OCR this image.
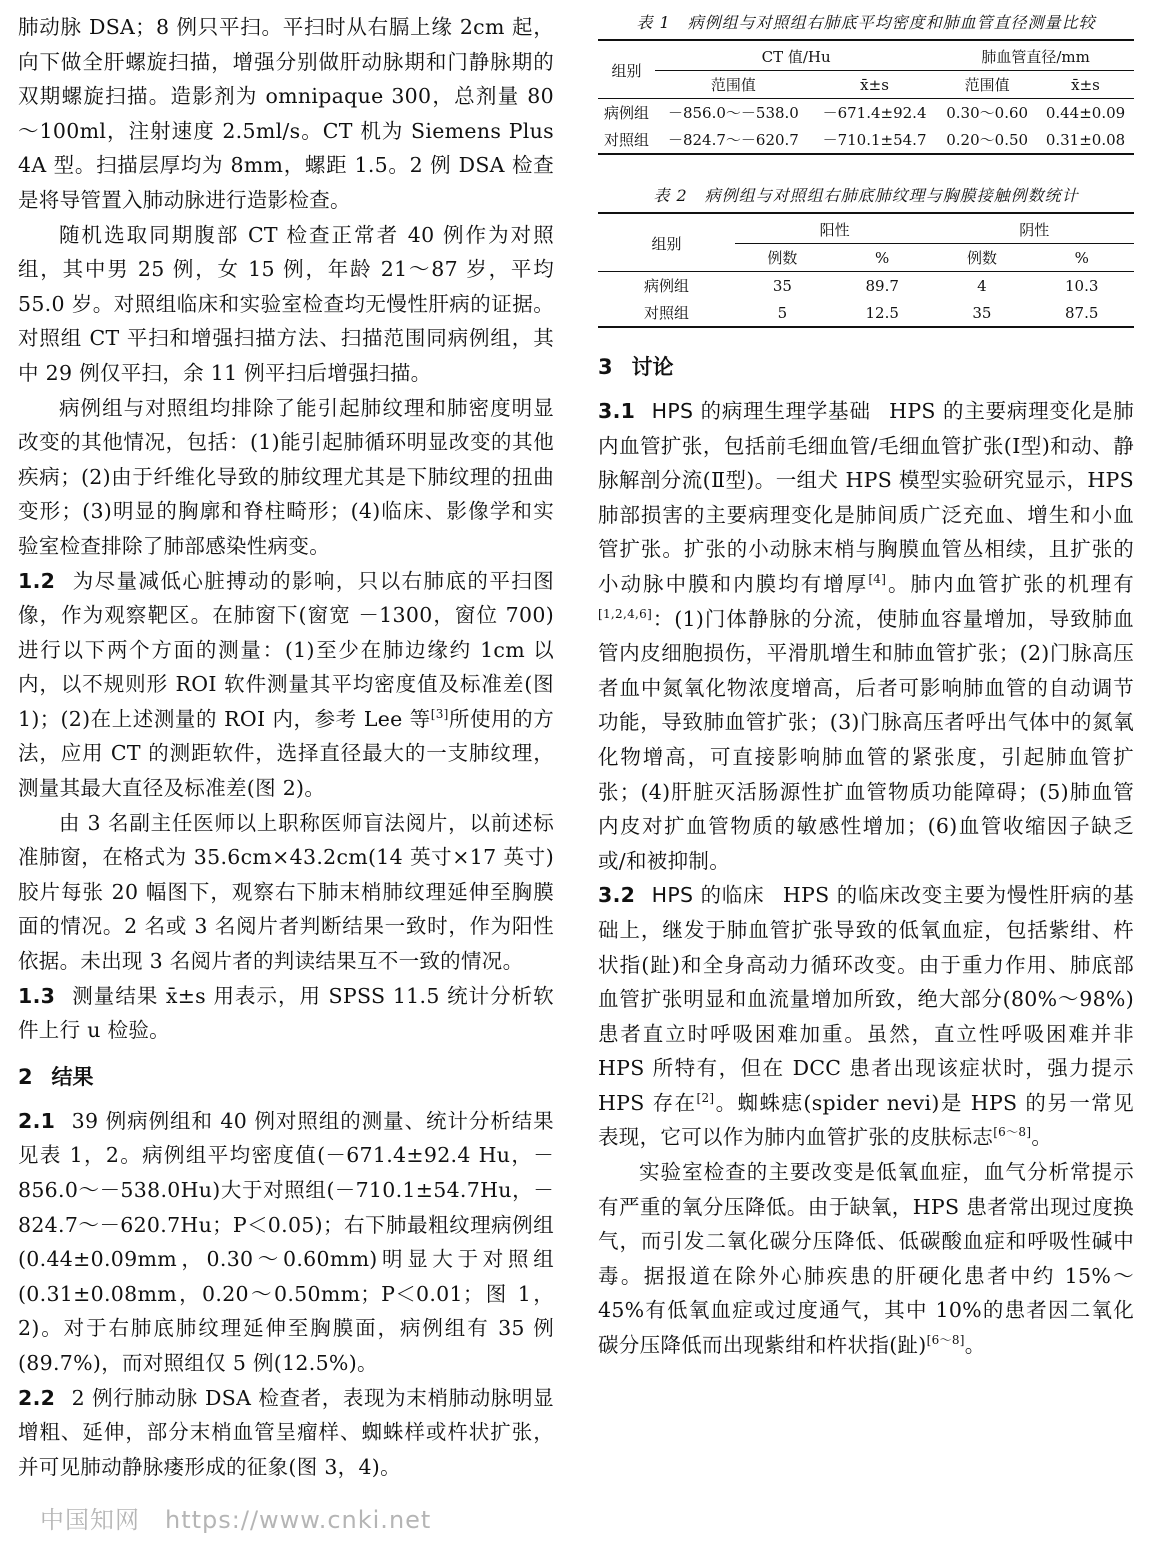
肺动脉 DSA；8 例只平扫。平扫时从右膈上缘 2cm 起，向下做全肝螺旋扫描，增强分别做肝动脉期和门静脉期的双期螺旋扫描。造影剂为 omnipaque 300，总剂量 80～100ml，注射速度 2.5ml/s。CT 机为 Siemens Plus 4A 型。扫描层厚均为 8mm，螺距 1.5。2 例 DSA 检查是将导管置入肺动脉进行造影检查。

随机选取同期腹部 CT 检查正常者 40 例作为对照组，其中男 25 例，女 15 例，年龄 21～87 岁，平均 55.0 岁。对照组临床和实验室检查均无慢性肝病的证据。对照组 CT 平扫和增强扫描方法、扫描范围同病例组，其中 29 例仅平扫，余 11 例平扫后增强扫描。

病例组与对照组均排除了能引起肺纹理和肺密度明显改变的其他情况，包括：(1)能引起肺循环明显改变的其他疾病；(2)由于纤维化导致的肺纹理尤其是下肺纹理的扭曲变形；(3)明显的胸廓和脊柱畸形；(4)临床、影像学和实验室检查排除了肺部感染性病变。

1.2 为尽量减低心脏搏动的影响，只以右肺底的平扫图像，作为观察靶区。在肺窗下(窗宽 －1300，窗位 700)进行以下两个方面的测量：(1)至少在肺边缘约 1cm 以内，以不规则形 ROI 软件测量其平均密度值及标准差(图 1)；(2)在上述测量的 ROI 内，参考 Lee 等[3]所使用的方法，应用 CT 的测距软件，选择直径最大的一支肺纹理，测量其最大直径及标准差(图 2)。

由 3 名副主任医师以上职称医师盲法阅片，以前述标准肺窗，在格式为 35.6cm×43.2cm(14 英寸×17 英寸)胶片每张 20 幅图下，观察右下肺末梢肺纹理延伸至胸膜面的情况。2 名或 3 名阅片者判断结果一致时，作为阳性依据。未出现 3 名阅片者的判读结果互不一致的情况。

1.3 测量结果 x̄±s 用表示，用 SPSS 11.5 统计分析软件上行 u 检验。

2 结果

2.1 39 例病例组和 40 例对照组的测量、统计分析结果见表 1，2。病例组平均密度值(－671.4±92.4 Hu，－856.0～－538.0Hu)大于对照组(－710.1±54.7Hu，－824.7～－620.7Hu；P＜0.05)；右下肺最粗纹理病例组(0.44±0.09mm，0.30～0.60mm)明显大于对照组(0.31±0.08mm，0.20～0.50mm；P＜0.01；图 1，2)。对于右肺底肺纹理延伸至胸膜面，病例组有 35 例(89.7%)，而对照组仅 5 例(12.5%)。

2.2 2 例行肺动脉 DSA 检查者，表现为末梢肺动脉明显增粗、延伸，部分末梢血管呈瘤样、蜘蛛样或杵状扩张，并可见肺动静脉瘘形成的征象(图 3，4)。

表 1　病例组与对照组右肺底平均密度和肺血管直径测量比较
组别	CT 值/Hu		肺血管直径/mm	
	范围值	x̄±s	范围值	x̄±s
病例组	－856.0～－538.0	－671.4±92.4	0.30～0.60	0.44±0.09
对照组	－824.7～－620.7	－710.1±54.7	0.20～0.50	0.31±0.08
表 2　病例组与对照组右肺底肺纹理与胸膜接触例数统计
组别	阳性		阴性	
	例数	%	例数	%
病例组	35	89.7	4	10.3
对照组	5	12.5	35	87.5
3 讨论

3.1 HPS 的病理生理学基础 HPS 的主要病理变化是肺内血管扩张，包括前毛细血管/毛细血管扩张(Ⅰ型)和动、静脉解剖分流(Ⅱ型)。一组犬 HPS 模型实验研究显示，HPS 肺部损害的主要病理变化是肺间质广泛充血、增生和小血管扩张。扩张的小动脉末梢与胸膜血管丛相续，且扩张的小动脉中膜和内膜均有增厚[4]。肺内血管扩张的机理有[1,2,4,6]：(1)门体静脉的分流，使肺血容量增加，导致肺血管内皮细胞损伤，平滑肌增生和肺血管扩张；(2)门脉高压者血中氮氧化物浓度增高，后者可影响肺血管的自动调节功能，导致肺血管扩张；(3)门脉高压者呼出气体中的氮氧化物增高，可直接影响肺血管的紧张度，引起肺血管扩张；(4)肝脏灭活肠源性扩血管物质功能障碍；(5)肺血管内皮对扩血管物质的敏感性增加；(6)血管收缩因子缺乏或/和被抑制。

3.2 HPS 的临床 HPS 的临床改变主要为慢性肝病的基础上，继发于肺血管扩张导致的低氧血症，包括紫绀、杵状指(趾)和全身高动力循环改变。由于重力作用、肺底部血管扩张明显和血流量增加所致，绝大部分(80%～98%)患者直立时呼吸困难加重。虽然，直立性呼吸困难并非 HPS 所特有，但在 DCC 患者出现该症状时，强力提示 HPS 存在[2]。蜘蛛痣(spider nevi)是 HPS 的另一常见表现，它可以作为肺内血管扩张的皮肤标志[6～8]。

实验室检查的主要改变是低氧血症，血气分析常提示有严重的氧分压降低。由于缺氧，HPS 患者常出现过度换气，而引发二氧化碳分压降低、低碳酸血症和呼吸性碱中毒。据报道在除外心肺疾患的肝硬化患者中约 15%～45%有低氧血症或过度通气，其中 10%的患者因二氧化碳分压降低而出现紫绀和杵状指(趾)[6～8]。

中国知网　https://www.cnki.net
